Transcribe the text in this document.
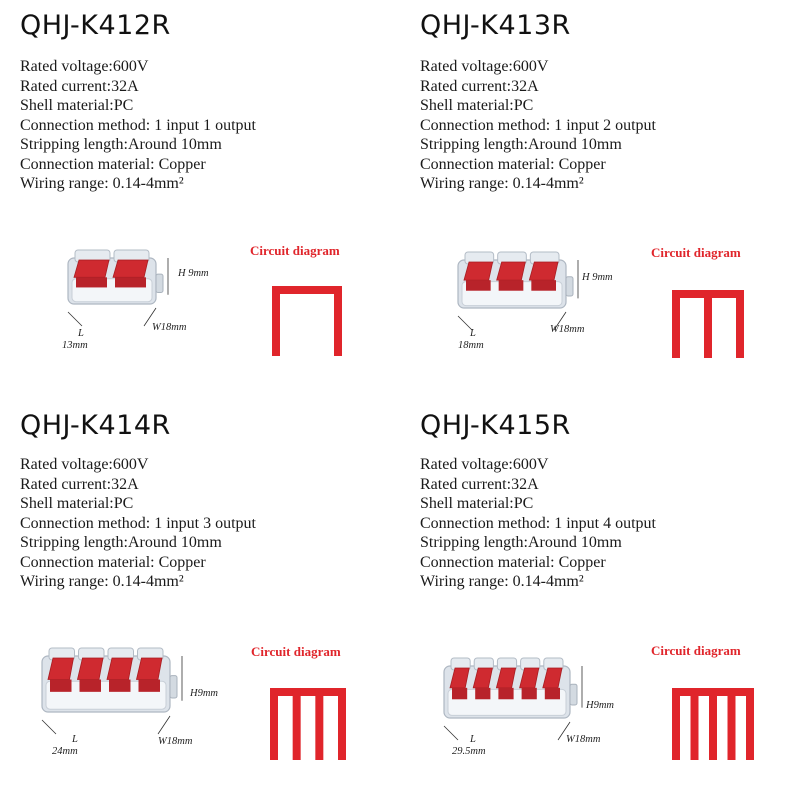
QHJ-K412R
Rated voltage:600V
Rated current:32A
Shell material:PC
Connection method: 1 input 1 output
Stripping length:Around 10mm
Connection material: Copper
Wiring range: 0.14-4mm²
Circuit diagram
H 9mm
W18mm
L
13mm
QHJ-K413R
Rated voltage:600V
Rated current:32A
Shell material:PC
Connection method: 1 input 2 output
Stripping length:Around 10mm
Connection material: Copper
Wiring range: 0.14-4mm²
Circuit diagram
H 9mm
W18mm
L
18mm
QHJ-K414R
Rated voltage:600V
Rated current:32A
Shell material:PC
Connection method: 1 input 3 output
Stripping length:Around 10mm
Connection material: Copper
Wiring range: 0.14-4mm²
Circuit diagram
H9mm
W18mm
L
24mm
QHJ-K415R
Rated voltage:600V
Rated current:32A
Shell material:PC
Connection method: 1 input 4 output
Stripping length:Around 10mm
Connection material: Copper
Wiring range: 0.14-4mm²
Circuit diagram
H9mm
W18mm
L
29.5mm
